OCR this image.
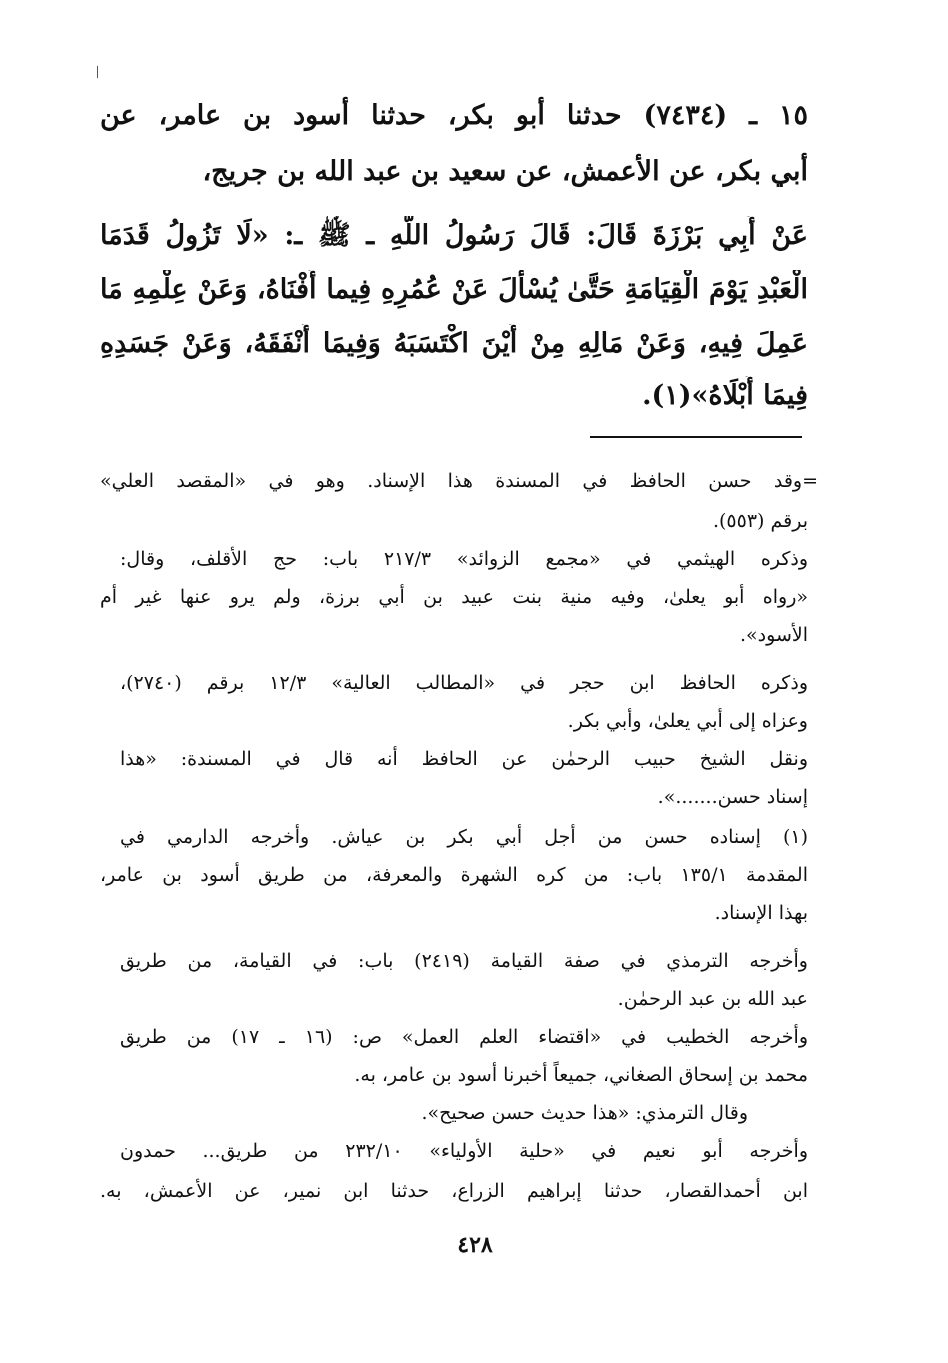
١٥ ـ (٧٤٣٤) حدثنا أبو بكر، حدثنا أسود بن عامر، عن
أبي بكر، عن الأعمش، عن سعيد بن عبد الله بن جريج،
عَنْ أَبِي بَرْزَةَ قَالَ: قَالَ رَسُولُ اللَّهِ ـ ﷺ ـ: «لَا تَزُولُ قَدَمَا
الْعَبْدِ يَوْمَ الْقِيَامَةِ حَتَّىٰ يُسْأَلَ عَنْ عُمُرِهِ فِيما أَفْنَاهُ، وَعَنْ عِلْمِهِ مَا
عَمِلَ فِيهِ، وَعَنْ مَالِهِ مِنْ أَيْنَ اكْتَسَبَهُ وَفِيمَا أَنْفَقَهُ، وَعَنْ جَسَدِهِ
فِيمَا أَبْلَاهُ»(١).
=وقد حسن الحافظ في المسندة هذا الإسناد. وهو في «المقصد العلي»
برقم (٥٥٣).
وذكره الهيثمي في «مجمع الزوائد» ٢١٧/٣ باب: حج الأقلف، وقال:
«رواه أبو يعلىٰ، وفيه منية بنت عبيد بن أبي برزة، ولم يرو عنها غير أم
الأسود».
وذكره الحافظ ابن حجر في «المطالب العالية» ١٢/٣ برقم (٢٧٤٠)،
وعزاه إلى أبي يعلىٰ، وأبي بكر.
ونقل الشيخ حبيب الرحمٰن عن الحافظ أنه قال في المسندة: «هذا
إسناد حسن.......».
(١) إسناده حسن من أجل أبي بكر بن عياش. وأخرجه الدارمي في
المقدمة ١٣٥/١ باب: من كره الشهرة والمعرفة، من طريق أسود بن عامر،
بهذا الإسناد.
وأخرجه الترمذي في صفة القيامة (٢٤١٩) باب: في القيامة، من طريق
عبد الله بن عبد الرحمٰن.
وأخرجه الخطيب في «اقتضاء العلم العمل» ص: (١٦ ـ ١٧) من طريق
محمد بن إسحاق الصغاني، جميعاً أخبرنا أسود بن عامر، به.
وقال الترمذي: «هذا حديث حسن صحيح».
وأخرجه أبو نعيم في «حلية الأولياء» ٢٣٢/١٠ من طريق... حمدون
ابن أحمدالقصار، حدثنا إبراهيم الزراع، حدثنا ابن نمير، عن الأعمش، به.
٤٢٨
